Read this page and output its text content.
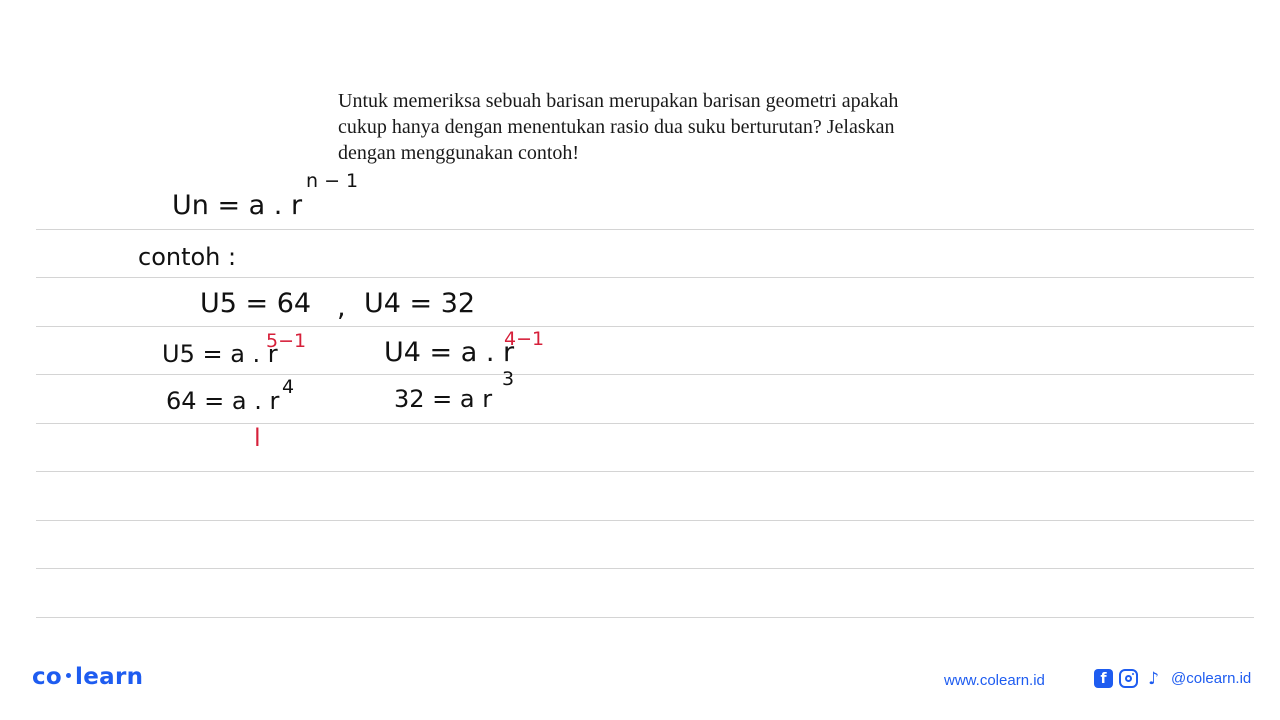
Untuk memeriksa sebuah barisan merupakan barisan geometri apakah
cukup hanya dengan menentukan rasio dua suku berturutan? Jelaskan
dengan menggunakan contoh!
Un = a . r
n − 1
contoh :
U5 = 64 , U4 = 32
U5 = a . r
5−1	U4 = a . r
4−1
64 = a . r 4	32 = a r
3
l
co learn	www.colearn.id	f	♪ @colearn.id
